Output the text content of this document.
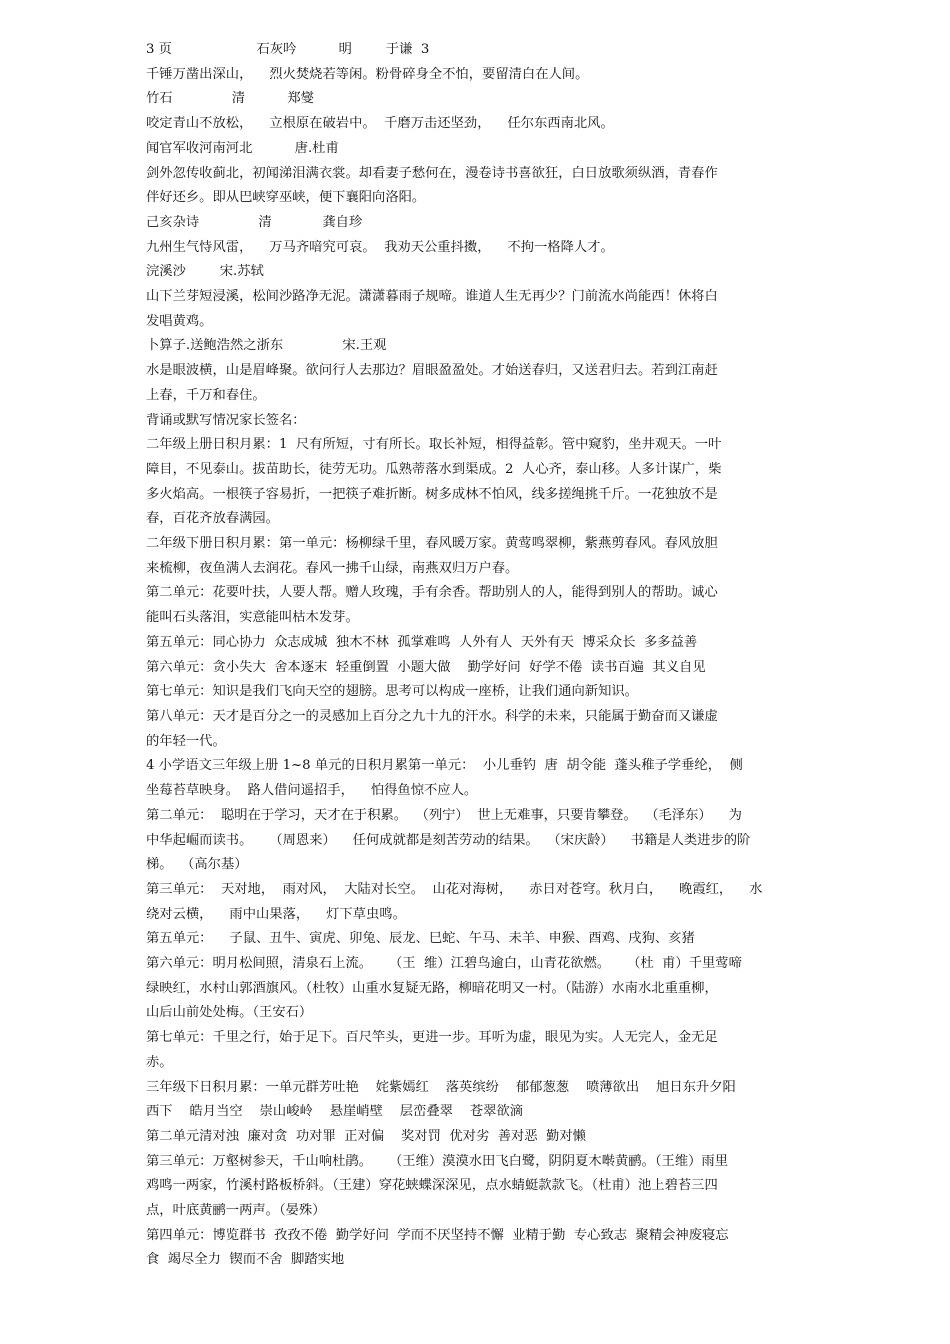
3 页                    石灰吟          明        于谦  3

千锤万凿出深山，    烈火焚烧若等闲。粉骨碎身全不怕，要留清白在人间。

竹石              清          郑燮

咬定青山不放松，    立根原在破岩中。  千磨万击还坚劲，    任尔东西南北风。

闻官军收河南河北          唐.杜甫

剑外忽传收蓟北，初闻涕泪满衣裳。却看妻子愁何在，漫卷诗书喜欲狂，白日放歌须纵酒，青春作

伴好还乡。即从巴峡穿巫峡，便下襄阳向洛阳。

己亥杂诗              清            龚自珍

九州生气恃风雷，    万马齐喑究可哀。  我劝天公重抖擞，    不拘一格降人才。

浣溪沙        宋.苏轼

山下兰芽短浸溪，松间沙路净无泥。潇潇暮雨子规啼。谁道人生无再少？门前流水尚能西！休将白

发唱黄鸡。

卜算子.送鲍浩然之浙东              宋.王观

水是眼波横，山是眉峰聚。欲问行人去那边？眉眼盈盈处。才始送春归，又送君归去。若到江南赶

上春，千万和春住。

背诵或默写情况家长签名：

二年级上册日积月累：1  尺有所短，寸有所长。取长补短，相得益彰。管中窥豹，坐井观天。一叶

障目，不见泰山。拔苗助长，徒劳无功。瓜熟蒂落水到渠成。2  人心齐，泰山移。人多计谋广，柴

多火焰高。一根筷子容易折，一把筷子难折断。树多成林不怕风，线多搓绳挑千斤。一花独放不是

春，百花齐放春满园。

二年级下册日积月累：第一单元：杨柳绿千里，春风暖万家。黄莺鸣翠柳，紫燕剪春风。春风放胆

来梳柳，夜鱼满人去润花。春风一拂千山绿，南燕双归万户春。

第二单元：花要叶扶，人要人帮。赠人玫瑰，手有余香。帮助别人的人，能得到别人的帮助。诚心

能叫石头落泪，实意能叫枯木发芽。

第五单元：同心协力  众志成城  独木不林  孤掌难鸣  人外有人  天外有天  博采众长  多多益善

第六单元：贪小失大  舍本逐末  轻重倒置  小题大做    勤学好问  好学不倦  读书百遍  其义自见

第七单元：知识是我们飞向天空的翅膀。思考可以构成一座桥，让我们通向新知识。

第八单元：天才是百分之一的灵感加上百分之九十九的汗水。科学的未来，只能属于勤奋而又谦虚

的年轻一代。

4 小学语文三年级上册 1~8 单元的日积月累第一单元：  小儿垂钓  唐  胡令能  蓬头稚子学垂纶，  侧

坐莓苔草映身。  路人借问遥招手，    怕得鱼惊不应人。

第二单元：  聪明在于学习，天才在于积累。  （列宁）  世上无难事，只要肯攀登。  （毛泽东）    为

中华起崛而读书。    （周恩来）    任何成就都是刻苦劳动的结果。  （宋庆龄）    书籍是人类进步的阶

梯。  （高尔基）

第三单元：  天对地，  雨对风，  大陆对长空。  山花对海树，    赤日对苍穹。秋月白，    晚霞红，    水

绕对云横，    雨中山果落，    灯下草虫鸣。

第五单元：    子鼠、丑牛、寅虎、卯兔、辰龙、巳蛇、午马、未羊、申猴、酉鸡、戌狗、亥猪

第六单元：明月松间照，清泉石上流。    （王  维）江碧鸟逾白，山青花欲燃。    （杜  甫）千里莺啼

绿映红，水村山郭酒旗风。（杜牧）山重水复疑无路，柳暗花明又一村。（陆游）水南水北重重柳，

山后山前处处梅。（王安石）

第七单元：千里之行，始于足下。百尺竿头，更进一步。耳听为虚，眼见为实。人无完人，金无足

赤。

三年级下日积月累：一单元群芳吐艳    姹紫嫣红    落英缤纷    郁郁葱葱    喷薄欲出    旭日东升夕阳

西下    皓月当空    崇山峻岭    悬崖峭壁    层峦叠翠    苍翠欲滴

第二单元清对浊  廉对贪  功对罪  正对偏    奖对罚  优对劣  善对恶  勤对懒

第三单元：万壑树参天，千山响杜鹃。    （王维）漠漠水田飞白鹭，阴阴夏木啭黄鹂。（王维）雨里

鸡鸣一两家，竹溪村路板桥斜。（王建）穿花蛱蝶深深见，点水蜻蜓款款飞。（杜甫）池上碧苔三四

点，叶底黄鹂一两声。（晏殊）

第四单元：博览群书  孜孜不倦  勤学好问  学而不厌坚持不懈  业精于勤  专心致志  聚精会神废寝忘

食  竭尽全力  锲而不舍  脚踏实地
